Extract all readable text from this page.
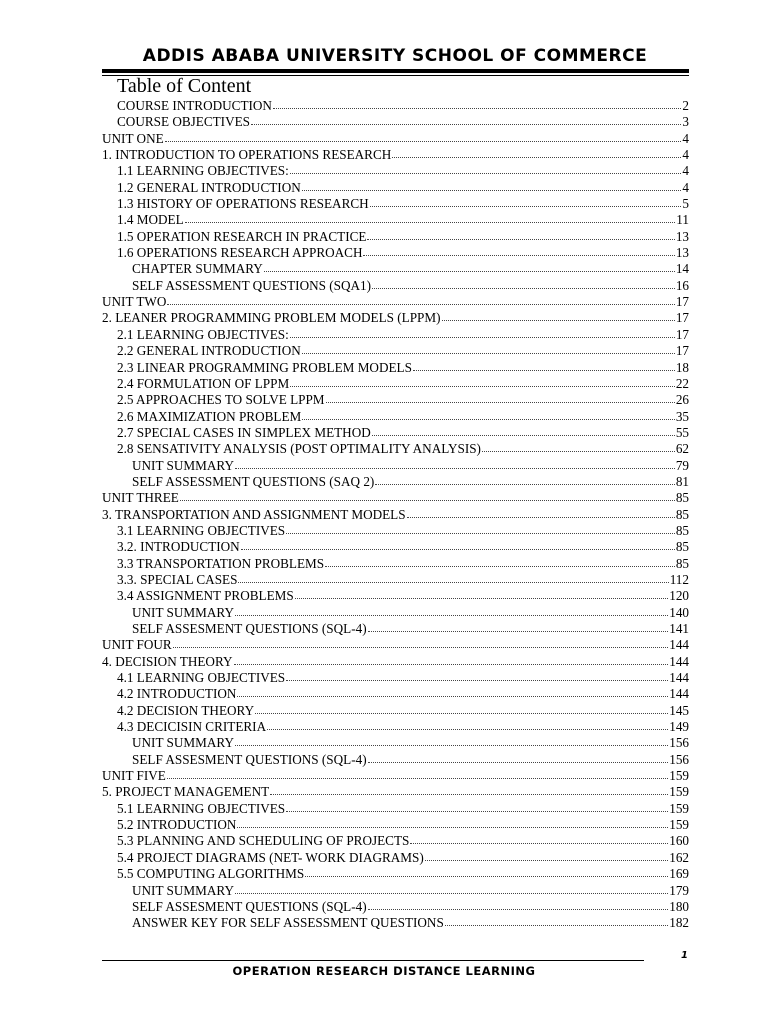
ADDIS ABABA UNIVERSITY SCHOOL OF COMMERCE
Table of Content
COURSE INTRODUCTION	2
COURSE OBJECTIVES	3
UNIT ONE	4
1. INTRODUCTION TO OPERATIONS RESEARCH	4
1.1 LEARNING OBJECTIVES:	4
1.2 GENERAL INTRODUCTION	4
1.3 HISTORY OF OPERATIONS RESEARCH	5
1.4 MODEL	11
1.5 OPERATION RESEARCH IN PRACTICE	13
1.6 OPERATIONS RESEARCH APPROACH	13
CHAPTER SUMMARY	14
SELF ASSESSMENT QUESTIONS (SQA1)	16
UNIT TWO	17
2. LEANER PROGRAMMING PROBLEM MODELS (LPPM)	17
2.1 LEARNING OBJECTIVES:	17
2.2 GENERAL INTRODUCTION	17
2.3 LINEAR PROGRAMMING PROBLEM MODELS	18
2.4 FORMULATION OF LPPM	22
2.5 APPROACHES TO SOLVE LPPM	26
2.6 MAXIMIZATION PROBLEM	35
2.7 SPECIAL CASES IN SIMPLEX METHOD	55
2.8 SENSATIVITY ANALYSIS (POST OPTIMALITY ANALYSIS)	62
UNIT SUMMARY	79
SELF ASSESSMENT QUESTIONS (SAQ 2)	81
UNIT THREE	85
3. TRANSPORTATION AND ASSIGNMENT MODELS	85
3.1 LEARNING OBJECTIVES	85
3.2. INTRODUCTION	85
3.3 TRANSPORTATION PROBLEMS	85
3.3. SPECIAL CASES	112
3.4 ASSIGNMENT PROBLEMS	120
UNIT SUMMARY	140
SELF ASSESMENT QUESTIONS (SQL-4)	141
UNIT FOUR	144
4. DECISION THEORY	144
4.1 LEARNING OBJECTIVES	144
4.2 INTRODUCTION	144
4.2 DECISION THEORY	145
4.3 DECICISIN CRITERIA	149
UNIT SUMMARY	156
SELF ASSESMENT QUESTIONS (SQL-4)	156
UNIT FIVE	159
5. PROJECT MANAGEMENT	159
5.1 LEARNING OBJECTIVES	159
5.2 INTRODUCTION	159
5.3 PLANNING AND SCHEDULING OF PROJECTS	160
5.4 PROJECT DIAGRAMS (NET- WORK DIAGRAMS)	162
5.5 COMPUTING ALGORITHMS	169
UNIT SUMMARY	179
SELF ASSESMENT QUESTIONS (SQL-4)	180
ANSWER KEY FOR SELF ASSESSMENT QUESTIONS	182
1
OPERATION RESEARCH DISTANCE LEARNING
